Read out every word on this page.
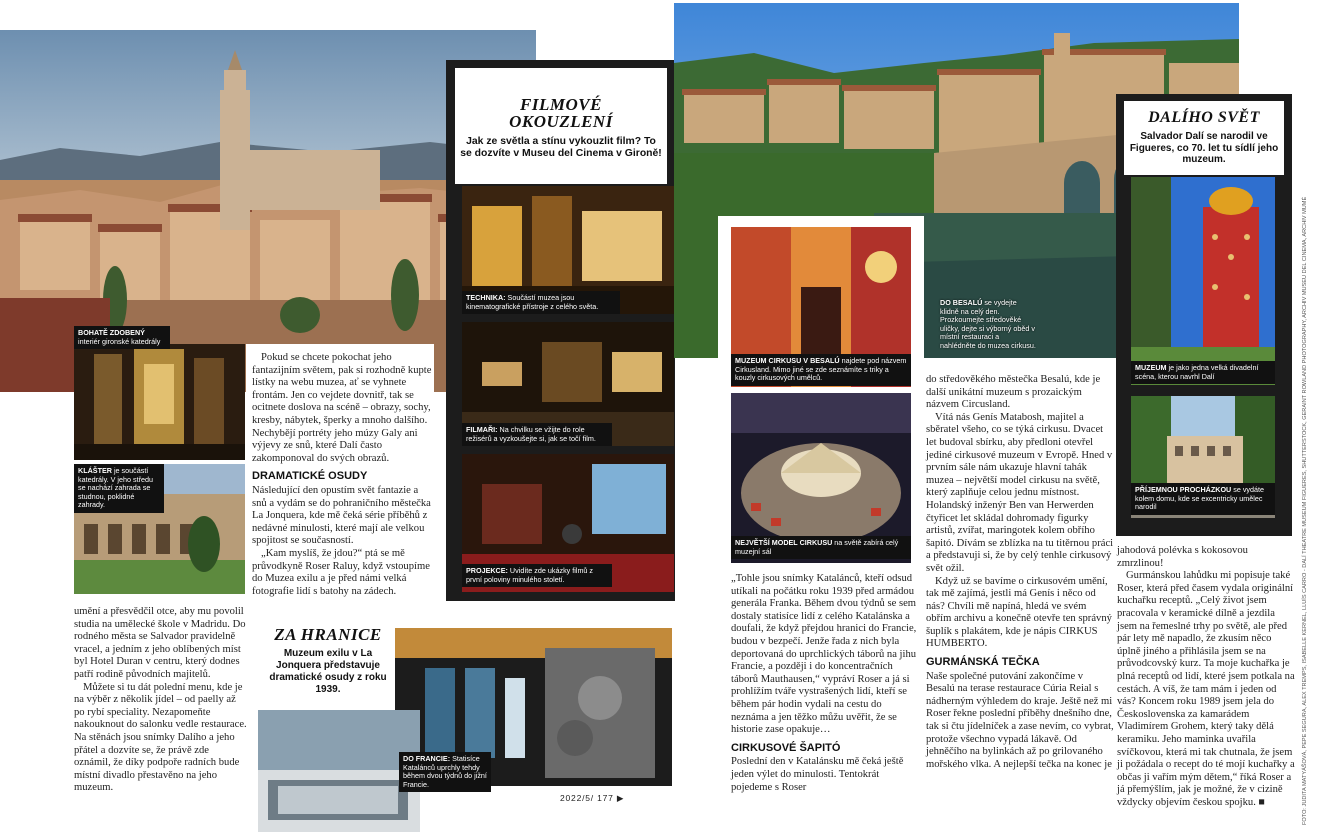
BOHATĚ ZDOBENÝ interiér gironské katedrály
KLÁŠTER je součástí katedrály. V jeho středu se nachází zahrada se studnou, poklidné zahrady.

Pokud se chcete pokochat jeho fantazijním světem, pak si rozhodně kupte lístky na webu muzea, ať se vyhnete frontám. Jen co vejdete dovnitř, tak se ocitnete doslova na scéně – obrazy, sochy, kresby, nábytek, šperky a mnoho dalšího. Nechybějí portréty jeho múzy Galy ani výjevy ze snů, které Dalí často zakomponoval do svých obrazů.

DRAMATICKÉ OSUDY

Následující den opustím svět fantazie a snů a vydám se do pohraničního městečka La Jonquera, kde mě čeká série příběhů z nedávné minulosti, které mají ale velkou spojitost se současností.

„Kam myslíš, že jdou?“ ptá se mě průvodkyně Roser Raluy, když vstoupíme do Muzea exilu a je před námi velká fotografie lidí s batohy na zádech.

umění a přesvědčil otce, aby mu povolil studia na umělecké škole v Madridu. Do rodného města se Salvador pravidelně vracel, a jedním z jeho oblíbených míst byl Hotel Duran v centru, který dodnes patří rodině původních majitelů.

Můžete si tu dát polední menu, kde je na výběr z několik jídel – od paelly až po rybí speciality. Nezapomeňte nakouknout do salonku vedle restaurace. Na stěnách jsou snímky Dalího a jeho přátel a dozvíte se, že právě zde oznámil, že díky podpoře radních bude místní divadlo přestavěno na jeho muzeum.

FILMOVÉ
OKOUZLENÍ
Jak ze světla a stínu vykouzlit film? To se dozvíte v Museu del Cinema v Gironě!
TECHNIKA: Součástí muzea jsou kinematografické přístroje z celého světa.
FILMAŘI: Na chvilku se vžijte do role režisérů a vyzkoušejte si, jak se točí film.
PROJEKCE: Uvidíte zde ukázky filmů z první poloviny minulého století.
ZA HRANICE
Muzeum exilu v La Jonquera představuje dramatické osudy z roku 1939.
DO FRANCIE: Statisíce Katalánců uprchly tehdy během dvou týdnů do jižní Francie.
2022/5/ 177 ▶
DO BESALÚ se vydejte klidně na celý den. Prozkoumejte středověké uličky, dejte si výborný oběd v místní restauraci a nahlédněte do muzea cirkusu.
MUZEUM CIRKUSU V BESALÚ najdete pod názvem Cirkusland. Mimo jiné se zde seznámíte s triky a kouzly cirkusových umělců.
NEJVĚTŠÍ MODEL CIRKUSU na světě zabírá celý muzejní sál

„Tohle jsou snímky Katalánců, kteří odsud utíkali na počátku roku 1939 před armádou generála Franka. Během dvou týdnů se sem dostaly statisíce lidí z celého Katalánska a doufali, že když přejdou hranici do Francie, budou v bezpečí. Jenže řada z nich byla deportovaná do uprchlických táborů na jihu Francie, a později i do koncentračních táborů Mauthausen,“ vypráví Roser a já si prohlížím tváře vystrašených lidí, kteří se během pár hodin vydali na cestu do neznáma a jen těžko můžu uvěřit, že se historie zase opakuje…

CIRKUSOVÉ ŠAPITÓ

Poslední den v Katalánsku mě čeká ještě jeden výlet do minulosti. Tentokrát pojedeme s Roser

do středověkého městečka Besalú, kde je další unikátní muzeum s prozaickým názvem Circusland.

Vítá nás Genís Matabosh, majitel a sběratel všeho, co se týká cirkusu. Dvacet let budoval sbírku, aby předloni otevřel jediné cirkusové muzeum v Evropě. Hned v prvním sále nám ukazuje hlavní tahák muzea – největší model cirkusu na světě, který zaplňuje celou jednu místnost. Holandský inženýr Ben van Herwerden čtyřicet let skládal dohromady figurky artistů, zvířat, maringotek kolem obřího šapitó. Dívám se zblízka na tu titěrnou práci a představuji si, že by celý tenhle cirkusový svět ožil.

Když už se bavíme o cirkusovém umění, tak mě zajímá, jestli má Genís i něco od nás? Chvíli mě napíná, hledá ve svém obřím archivu a konečně otevře ten správný šuplík s plakátem, kde je nápis CIRKUS HUMBERTO.

GURMÁNSKÁ TEČKA

Naše společné putování zakončíme v Besalú na terase restaurace Cúria Reial s nádherným výhledem do kraje. Ještě než mi Roser řekne poslední příběhy dnešního dne, tak si čtu jídelníček a zase nevím, co vybrat, protože všechno vypadá lákavě. Od jehněčího na bylinkách až po grilovaného mořského vlka. A nejlepší tečka na konec je

DALÍHO SVĚT
Salvador Dalí se narodil ve Figueres, co 70. let tu sídlí jeho muzeum.
MUZEUM je jako jedna velká divadelní scéna, kterou navrhl Dalí
PŘÍJEMNOU PROCHÁZKOU se vydáte kolem domu, kde se excentricky umělec narodil

jahodová polévka s kokosovou zmrzlinou!

Gurmánskou lahůdku mi popisuje také Roser, která před časem vydala originální kuchařku receptů. „Celý život jsem pracovala v keramické dílně a jezdila jsem na řemeslné trhy po světě, ale před pár lety mě napadlo, že zkusím něco úplně jiného a přihlásila jsem se na průvodcovský kurz. Ta moje kuchařka je plná receptů od lidí, které jsem potkala na cestách. A víš, že tam mám i jeden od vás? Koncem roku 1989 jsem jela do Československa za kamarádem Vladimírem Grohem, který taky dělá keramiku. Jeho maminka uvařila svíčkovou, která mi tak chutnala, že jsem ji požádala o recept do té mojí kuchařky a občas ji vařím mým dětem,“ říká Roser a já přemýšlím, jak je možné, že v cizině vždycky objevím českou spojku. ■	FOTO: JUDITA MATYÁŠOVÁ, PEPE SEGURA, ALEX TREMPS, ISABELLE KERNEL, LLUÍS CARRO - DALÍ THEATRE MUSEUM FIGUERES, SHUTTERSTOCK, GERAINT ROWLAND PHOTOGRAPHY, ARCHIV MUSEU DEL CINEMA, ARCHIV MUMÉ
